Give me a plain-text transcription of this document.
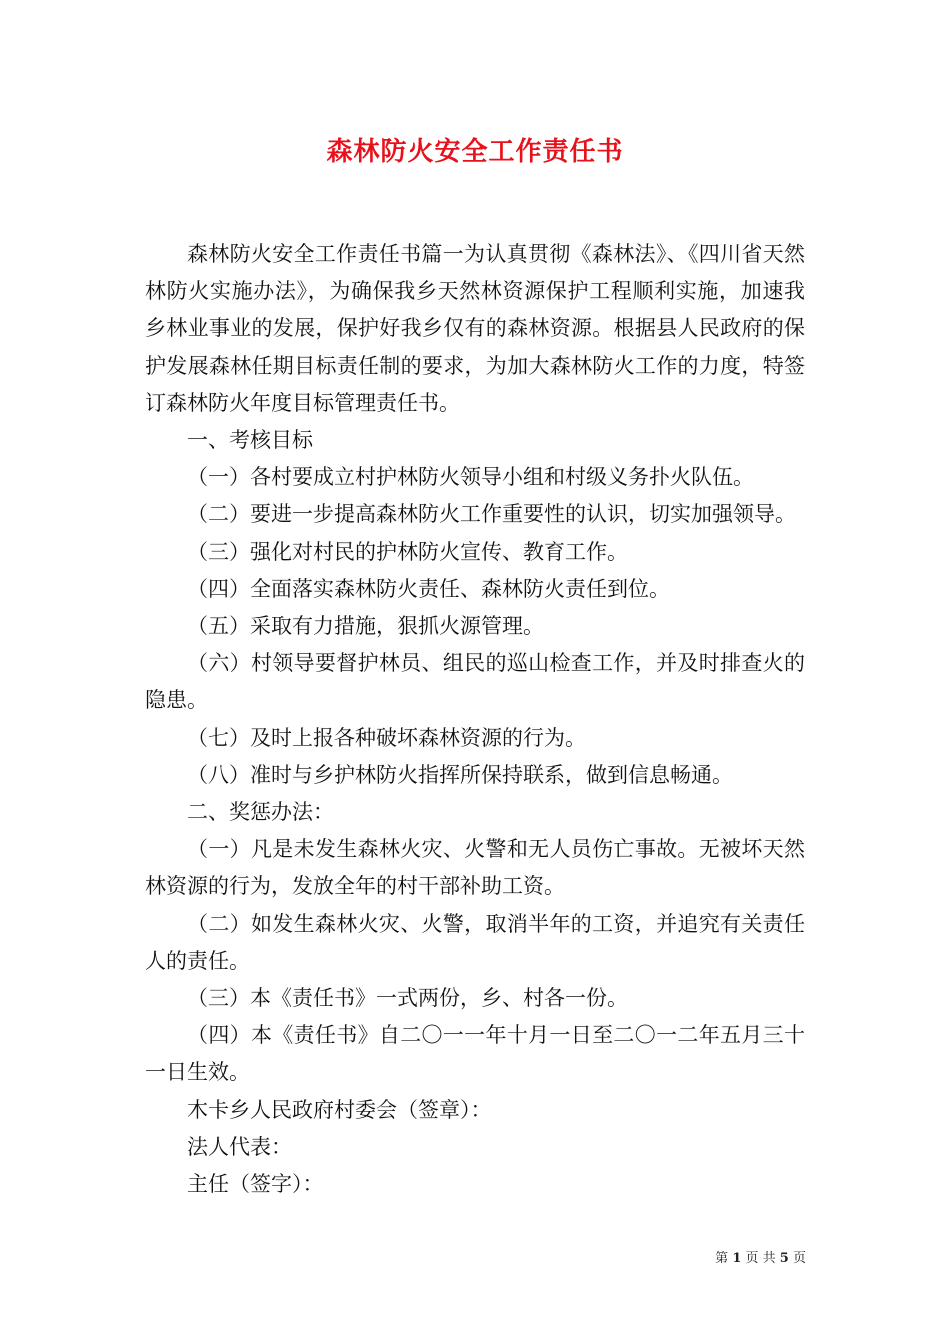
森林防火安全工作责任书

森林防火安全工作责任书篇一为认真贯彻《森林法》、《四川省天然林防火实施办法》，为确保我乡天然林资源保护工程顺利实施，加速我乡林业事业的发展，保护好我乡仅有的森林资源。根据县人民政府的保护发展森林任期目标责任制的要求，为加大森林防火工作的力度，特签订森林防火年度目标管理责任书。

一、考核目标

（一）各村要成立村护林防火领导小组和村级义务扑火队伍。

（二）要进一步提高森林防火工作重要性的认识，切实加强领导。

（三）强化对村民的护林防火宣传、教育工作。

（四）全面落实森林防火责任、森林防火责任到位。

（五）采取有力措施，狠抓火源管理。

（六）村领导要督护林员、组民的巡山检查工作，并及时排查火的隐患。

（七）及时上报各种破坏森林资源的行为。

（八）准时与乡护林防火指挥所保持联系，做到信息畅通。

二、奖惩办法：

（一）凡是未发生森林火灾、火警和无人员伤亡事故。无被坏天然林资源的行为，发放全年的村干部补助工资。

（二）如发生森林火灾、火警，取消半年的工资，并追究有关责任人的责任。

（三）本《责任书》一式两份，乡、村各一份。

（四）本《责任书》自二〇一一年十月一日至二〇一二年五月三十一日生效。

木卡乡人民政府村委会（签章）：

法人代表：

主任（签字）：

第 1 页 共 5 页
